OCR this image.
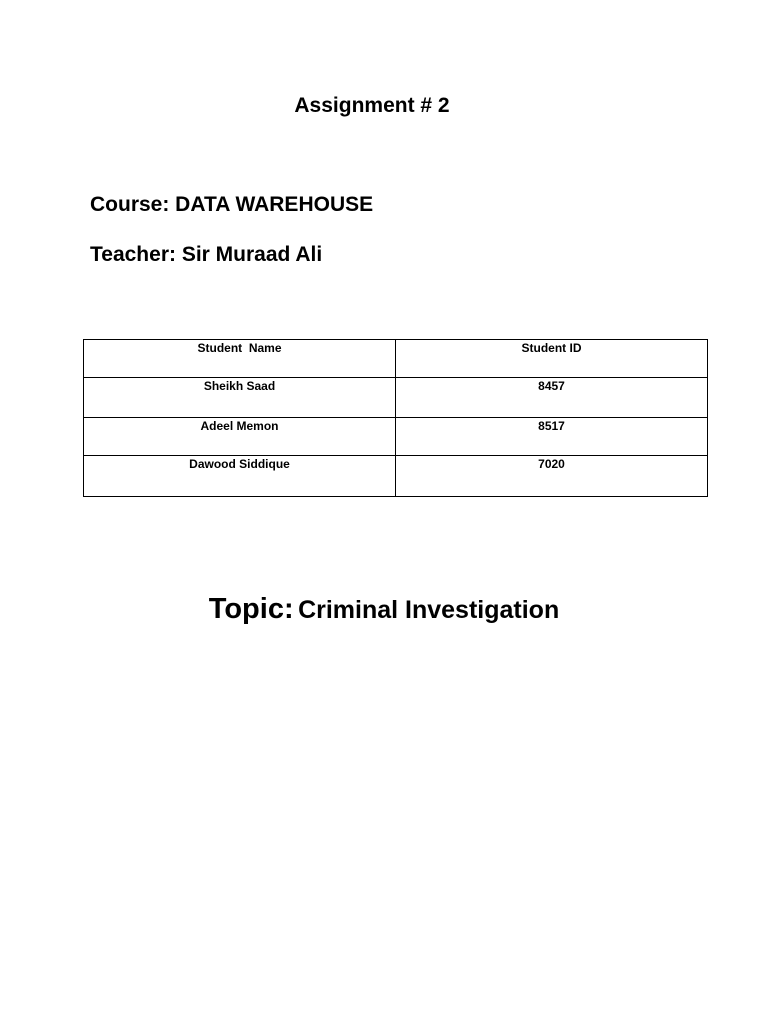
Assignment # 2
Course: DATA WAREHOUSE
Teacher: Sir Muraad Ali
Student  Name	Student ID
Sheikh Saad	8457
Adeel Memon	8517
Dawood Siddique	7020
Topic: Criminal Investigation
